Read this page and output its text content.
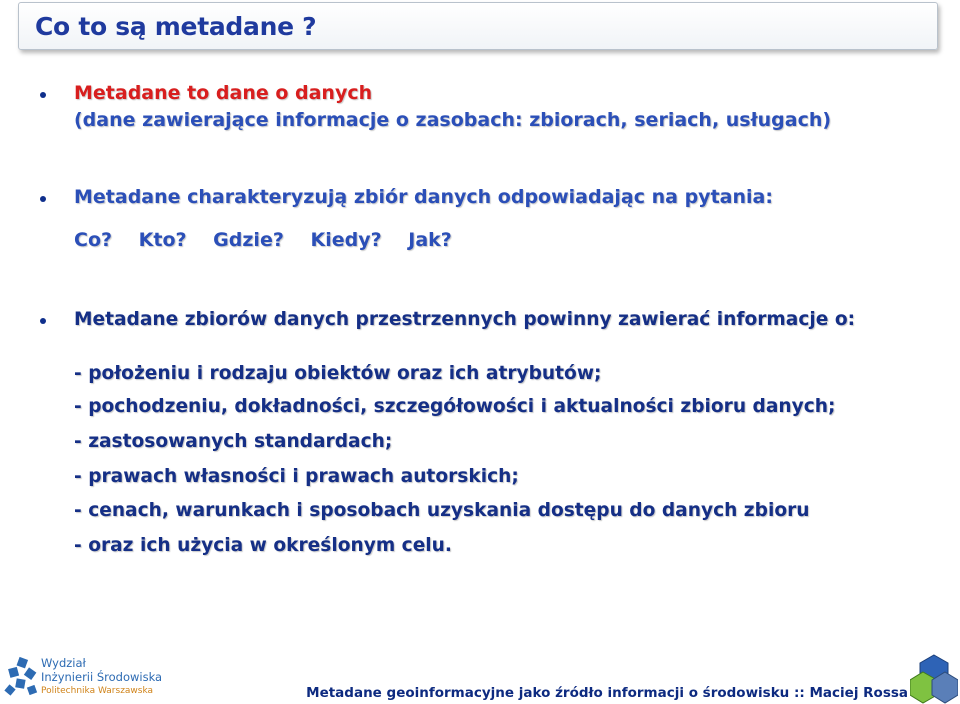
Co to są metadane ?
Metadane to dane o danych
(dane zawierające informacje o zasobach: zbiorach, seriach, usługach)
Metadane charakteryzują zbiór danych odpowiadając na pytania:
Co? Kto? Gdzie? Kiedy? Jak?
Metadane zbiorów danych przestrzennych powinny zawierać informacje o:
- położeniu i rodzaju obiektów oraz ich atrybutów;
- pochodzeniu, dokładności, szczegółowości i aktualności zbioru danych;
- zastosowanych standardach;
- prawach własności i prawach autorskich;
- cenach, warunkach i sposobach uzyskania dostępu do danych zbioru
- oraz ich użycia w określonym celu.
Wydział
Inżynierii Środowiska
Politechnika Warszawska	Metadane geoinformacyjne jako źródło informacji o środowisku :: Maciej Rossa
